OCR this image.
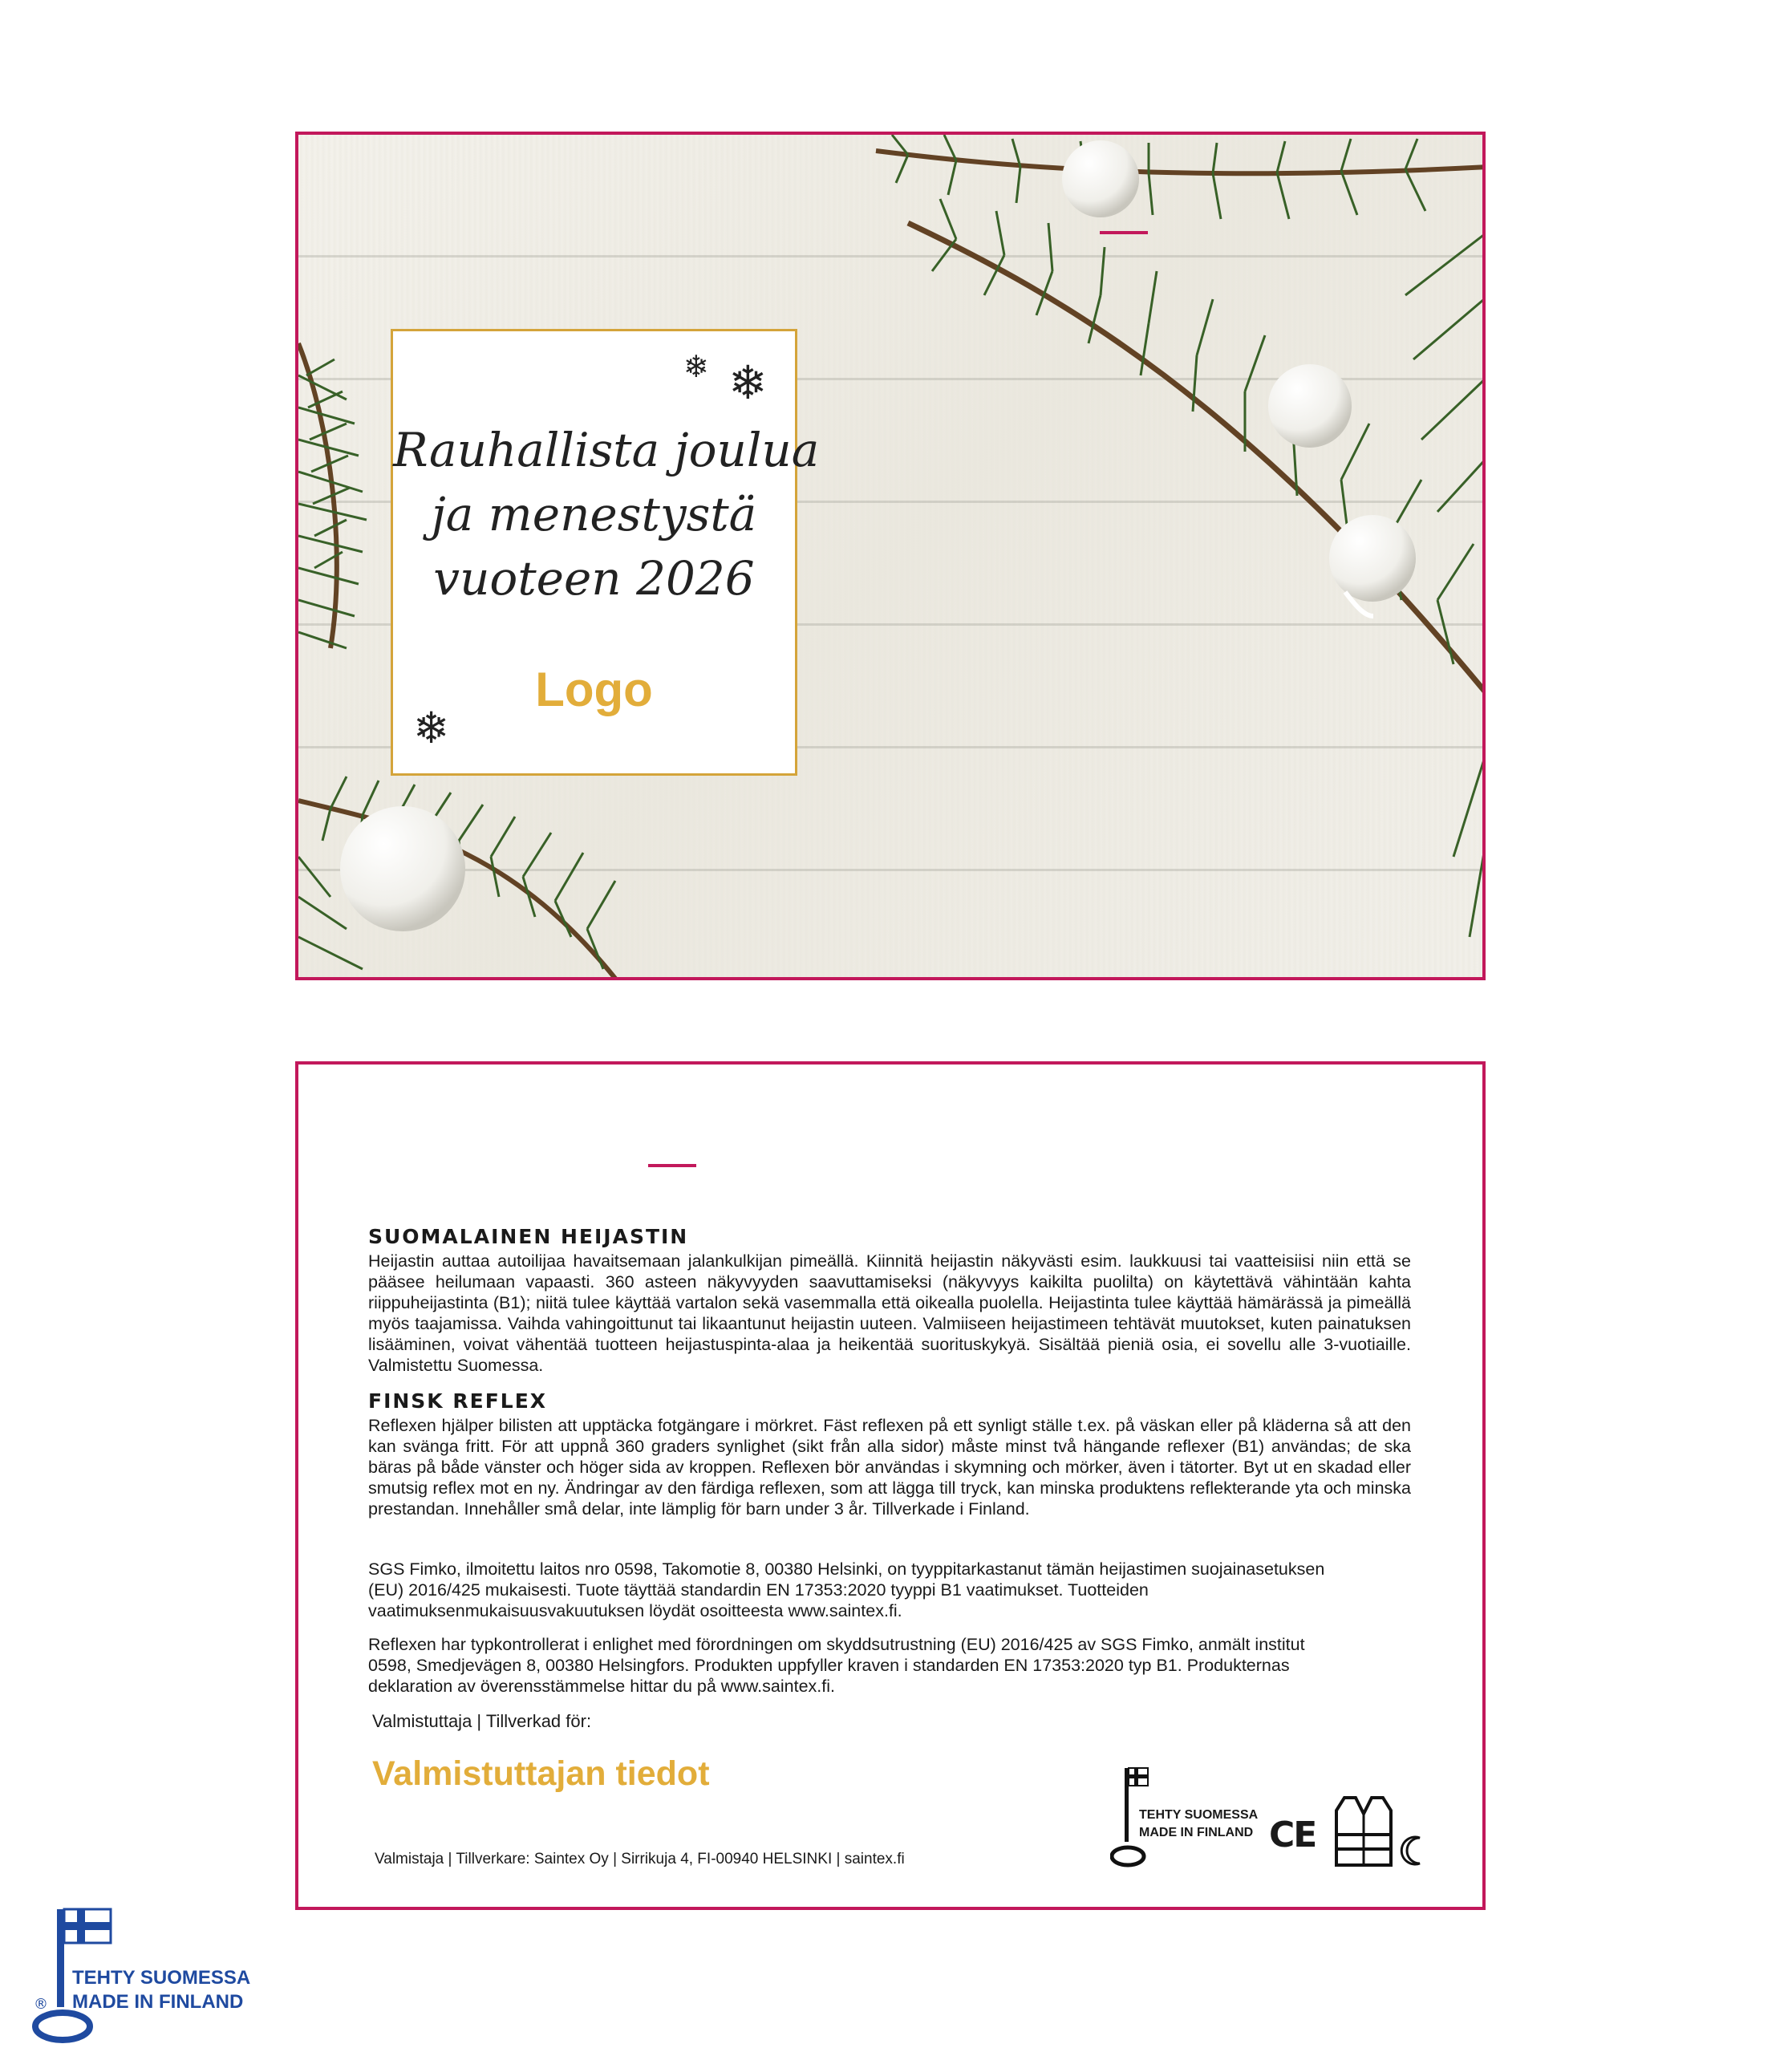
❄ ❄
Rauhallista joulua
ja menestystä
vuoteen 2026
Logo
❄
SUOMALAINEN HEIJASTIN
Heijastin auttaa autoilijaa havaitsemaan jalankulkijan pimeällä. Kiinnitä heijastin näkyvästi esim. laukkuusi tai vaatteisiisi niin että se pääsee heilumaan vapaasti. 360 asteen näkyvyyden saavuttamiseksi (näkyvyys kaikilta puolilta) on käytettävä vähintään kahta riippuheijastinta (B1); niitä tulee käyttää vartalon sekä vasemmalla että oikealla puolella. Heijastinta tulee käyttää hämärässä ja pimeällä myös taajamissa. Vaihda vahingoittunut tai likaantunut heijastin uuteen. Valmiiseen heijastimeen tehtävät muutokset, kuten painatuksen lisääminen, voivat vähentää tuotteen heijastuspinta-alaa ja heikentää suorituskykyä. Sisältää pieniä osia, ei sovellu alle 3-vuotiaille. Valmistettu Suomessa.
FINSK REFLEX
Reflexen hjälper bilisten att upptäcka fotgängare i mörkret. Fäst reflexen på ett synligt ställe t.ex. på väskan eller på kläderna så att den kan svänga fritt. För att uppnå 360 graders synlighet (sikt från alla sidor) måste minst två hängande reflexer (B1) användas; de ska bäras på både vänster och höger sida av kroppen. Reflexen bör användas i skymning och mörker, även i tätorter. Byt ut en skadad eller smutsig reflex mot en ny. Ändringar av den färdiga reflexen, som att lägga till tryck, kan minska produktens reflekterande yta och minska prestandan. Innehåller små delar, inte lämplig för barn under 3 år. Tillverkade i Finland.
SGS Fimko, ilmoitettu laitos nro 0598, Takomotie 8, 00380 Helsinki, on tyyppitarkastanut tämän heijastimen suojainasetuksen (EU) 2016/425 mukaisesti. Tuote täyttää standardin EN 17353:2020 tyyppi B1 vaatimukset. Tuotteiden vaatimuksenmukaisuusvakuutuksen löydät osoitteesta www.saintex.fi.
Reflexen har typkontrollerat i enlighet med förordningen om skyddsutrustning (EU) 2016/425 av SGS Fimko, anmält institut 0598, Smedjevägen 8, 00380 Helsingfors. Produkten uppfyller kraven i standarden EN 17353:2020 typ B1. Produkternas deklaration av överensstämmelse hittar du på www.saintex.fi.
Valmistuttaja | Tillverkad för:
Valmistuttajan tiedot
Valmistaja | Tillverkare: Saintex Oy | Sirrikuja 4, FI-00940 HELSINKI | saintex.fi
TEHTY SUOMESSA
MADE IN FINLAND CE
®
TEHTY SUOMESSA
MADE IN FINLAND
